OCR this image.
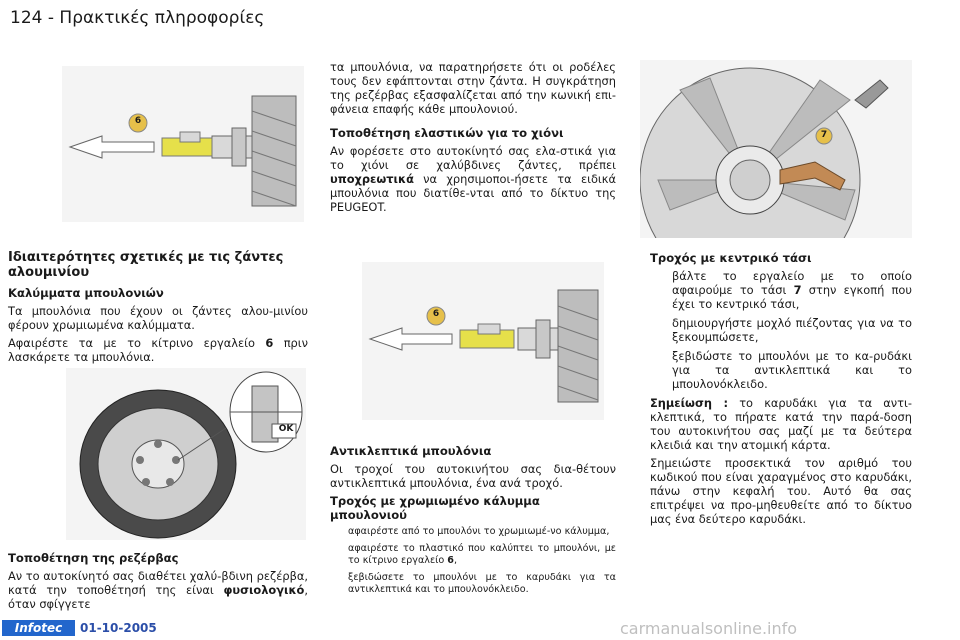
124 - Πρακτικές πληροφορίες
6
Ιδιαιτερότητες σχετικές με τις ζάντες αλουμινίου
Καλύμματα μπουλονιών

Τα μπουλόνια που έχουν οι ζάντες αλου-μινίου φέρουν χρωμιωμένα καλύμματα.

Αφαιρέστε τα με το κίτρινο εργαλείο 6 πριν λασκάρετε τα μπουλόνια.

OK
Τοποθέτηση της ρεζέρβας

Αν το αυτοκίνητό σας διαθέτει χαλύ-βδινη ρεζέρβα, κατά την τοποθέτησή της είναι φυσιολογικό, όταν σφίγγετε

τα μπουλόνια, να παρατηρήσετε ότι οι ροδέλες τους δεν εφάπτονται στην ζάντα. Η συγκράτηση της ρεζέρβας εξασφαλίζεται από την κωνική επι-φάνεια επαφής κάθε μπουλονιού.

Τοποθέτηση ελαστικών για το χιόνι

Αν φορέσετε στο αυτοκίνητό σας ελα-στικά για το χιόνι σε χαλύβδινες ζάντες, πρέπει υποχρεωτικά να χρησιμοποι-ήσετε τα ειδικά μπουλόνια που διατίθε-νται από το δίκτυο της PEUGEOT.

6
Αντικλεπτικά μπουλόνια

Οι τροχοί του αυτοκινήτου σας δια-θέτουν αντικλεπτικά μπουλόνια, ένα ανά τροχό.

Τροχός με χρωμιωμένο κάλυμμα μπουλονιού
αφαιρέστε από το μπουλόνι το χρωμιωμέ-νο κάλυμμα,
αφαιρέστε το πλαστικό που καλύπτει το μπουλόνι, με το κίτρινο εργαλείο 6,
ξεβιδώσετε το μπουλόνι με το καρυδάκι για τα αντικλεπτικά και το μπουλονόκλειδο.
7
Τροχός με κεντρικό τάσι
βάλτε το εργαλείο με το οποίο αφαιρούμε το τάσι 7 στην εγκοπή που έχει το κεντρικό τάσι,
δημιουργήστε μοχλό πιέζοντας για να το ξεκουμπώσετε,
ξεβιδώστε το μπουλόνι με το κα-ρυδάκι για τα αντικλεπτικά και το μπουλονόκλειδο.

Σημείωση : το καρυδάκι για τα αντι-κλεπτικά, το πήρατε κατά την παρά-δοση του αυτοκινήτου σας μαζί με τα δεύτερα κλειδιά και την ατομική κάρτα.

Σημειώστε προσεκτικά τον αριθμό του κωδικού που είναι χαραγμένος στο καρυδάκι, πάνω στην κεφαλή του. Αυτό θα σας επιτρέψει να προ-μηθευθείτε από το δίκτυο μας ένα δεύτερο καρυδάκι.

Infotec	01-10-2005	carmanualsonline.info
